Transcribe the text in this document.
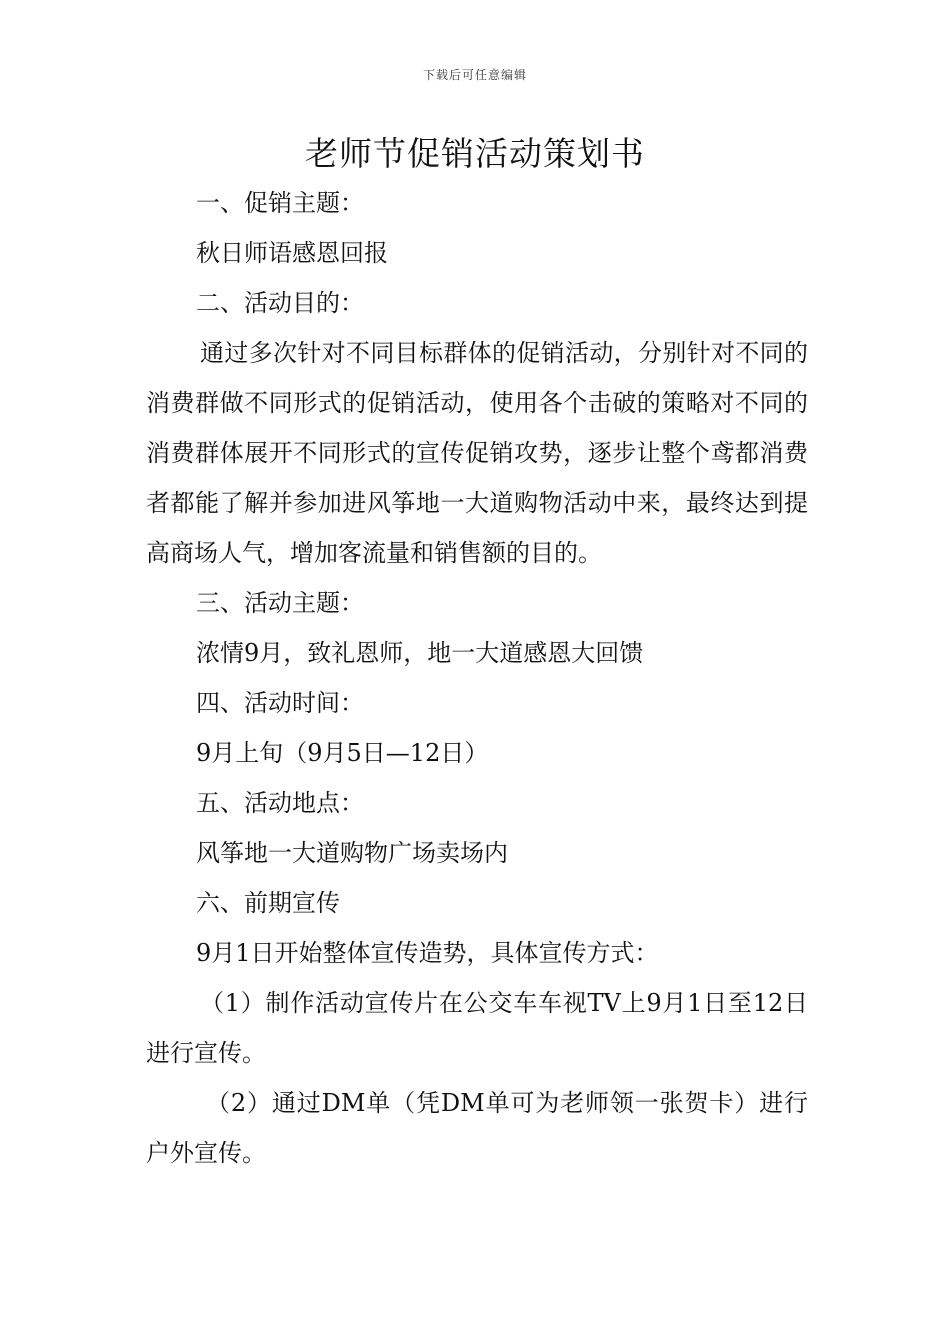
下载后可任意编辑
老师节促销活动策划书
一、促销主题：
秋日师语感恩回报
二、活动目的：
通过多次针对不同目标群体的促销活动，分别针对不同的消费群做不同形式的促销活动，使用各个击破的策略对不同的消费群体展开不同形式的宣传促销攻势，逐步让整个鸢都消费者都能了解并参加进风筝地一大道购物活动中来，最终达到提高商场人气，增加客流量和销售额的目的。
三、活动主题：
浓情9月，致礼恩师，地一大道感恩大回馈
四、活动时间：
9月上旬（9月5日—12日）
五、活动地点：
风筝地一大道购物广场卖场内
六、前期宣传
9月1日开始整体宣传造势，具体宣传方式：
（1）制作活动宣传片在公交车车视TV上9月1日至12日进行宣传。
（2）通过DM单（凭DM单可为老师领一张贺卡）进行户外宣传。
